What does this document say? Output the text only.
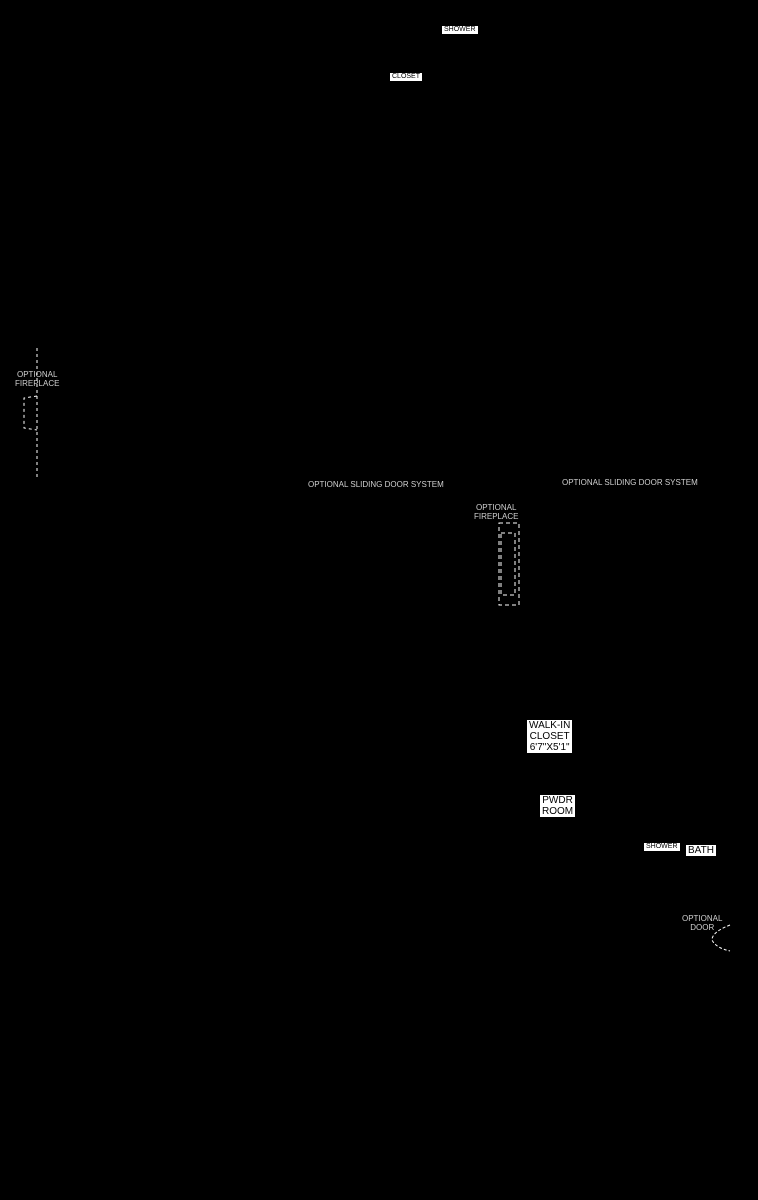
SHOWER
CLOSET
WALK-IN
CLOSET
6'7"X5'1"
PWDR
ROOM
SHOWER BATH
OPTIONAL
FIREPLACE
OPTIONAL SLIDING DOOR SYSTEM	OPTIONAL SLIDING DOOR SYSTEM
OPTIONAL
FIREPLACE
OPTIONAL
DOOR
